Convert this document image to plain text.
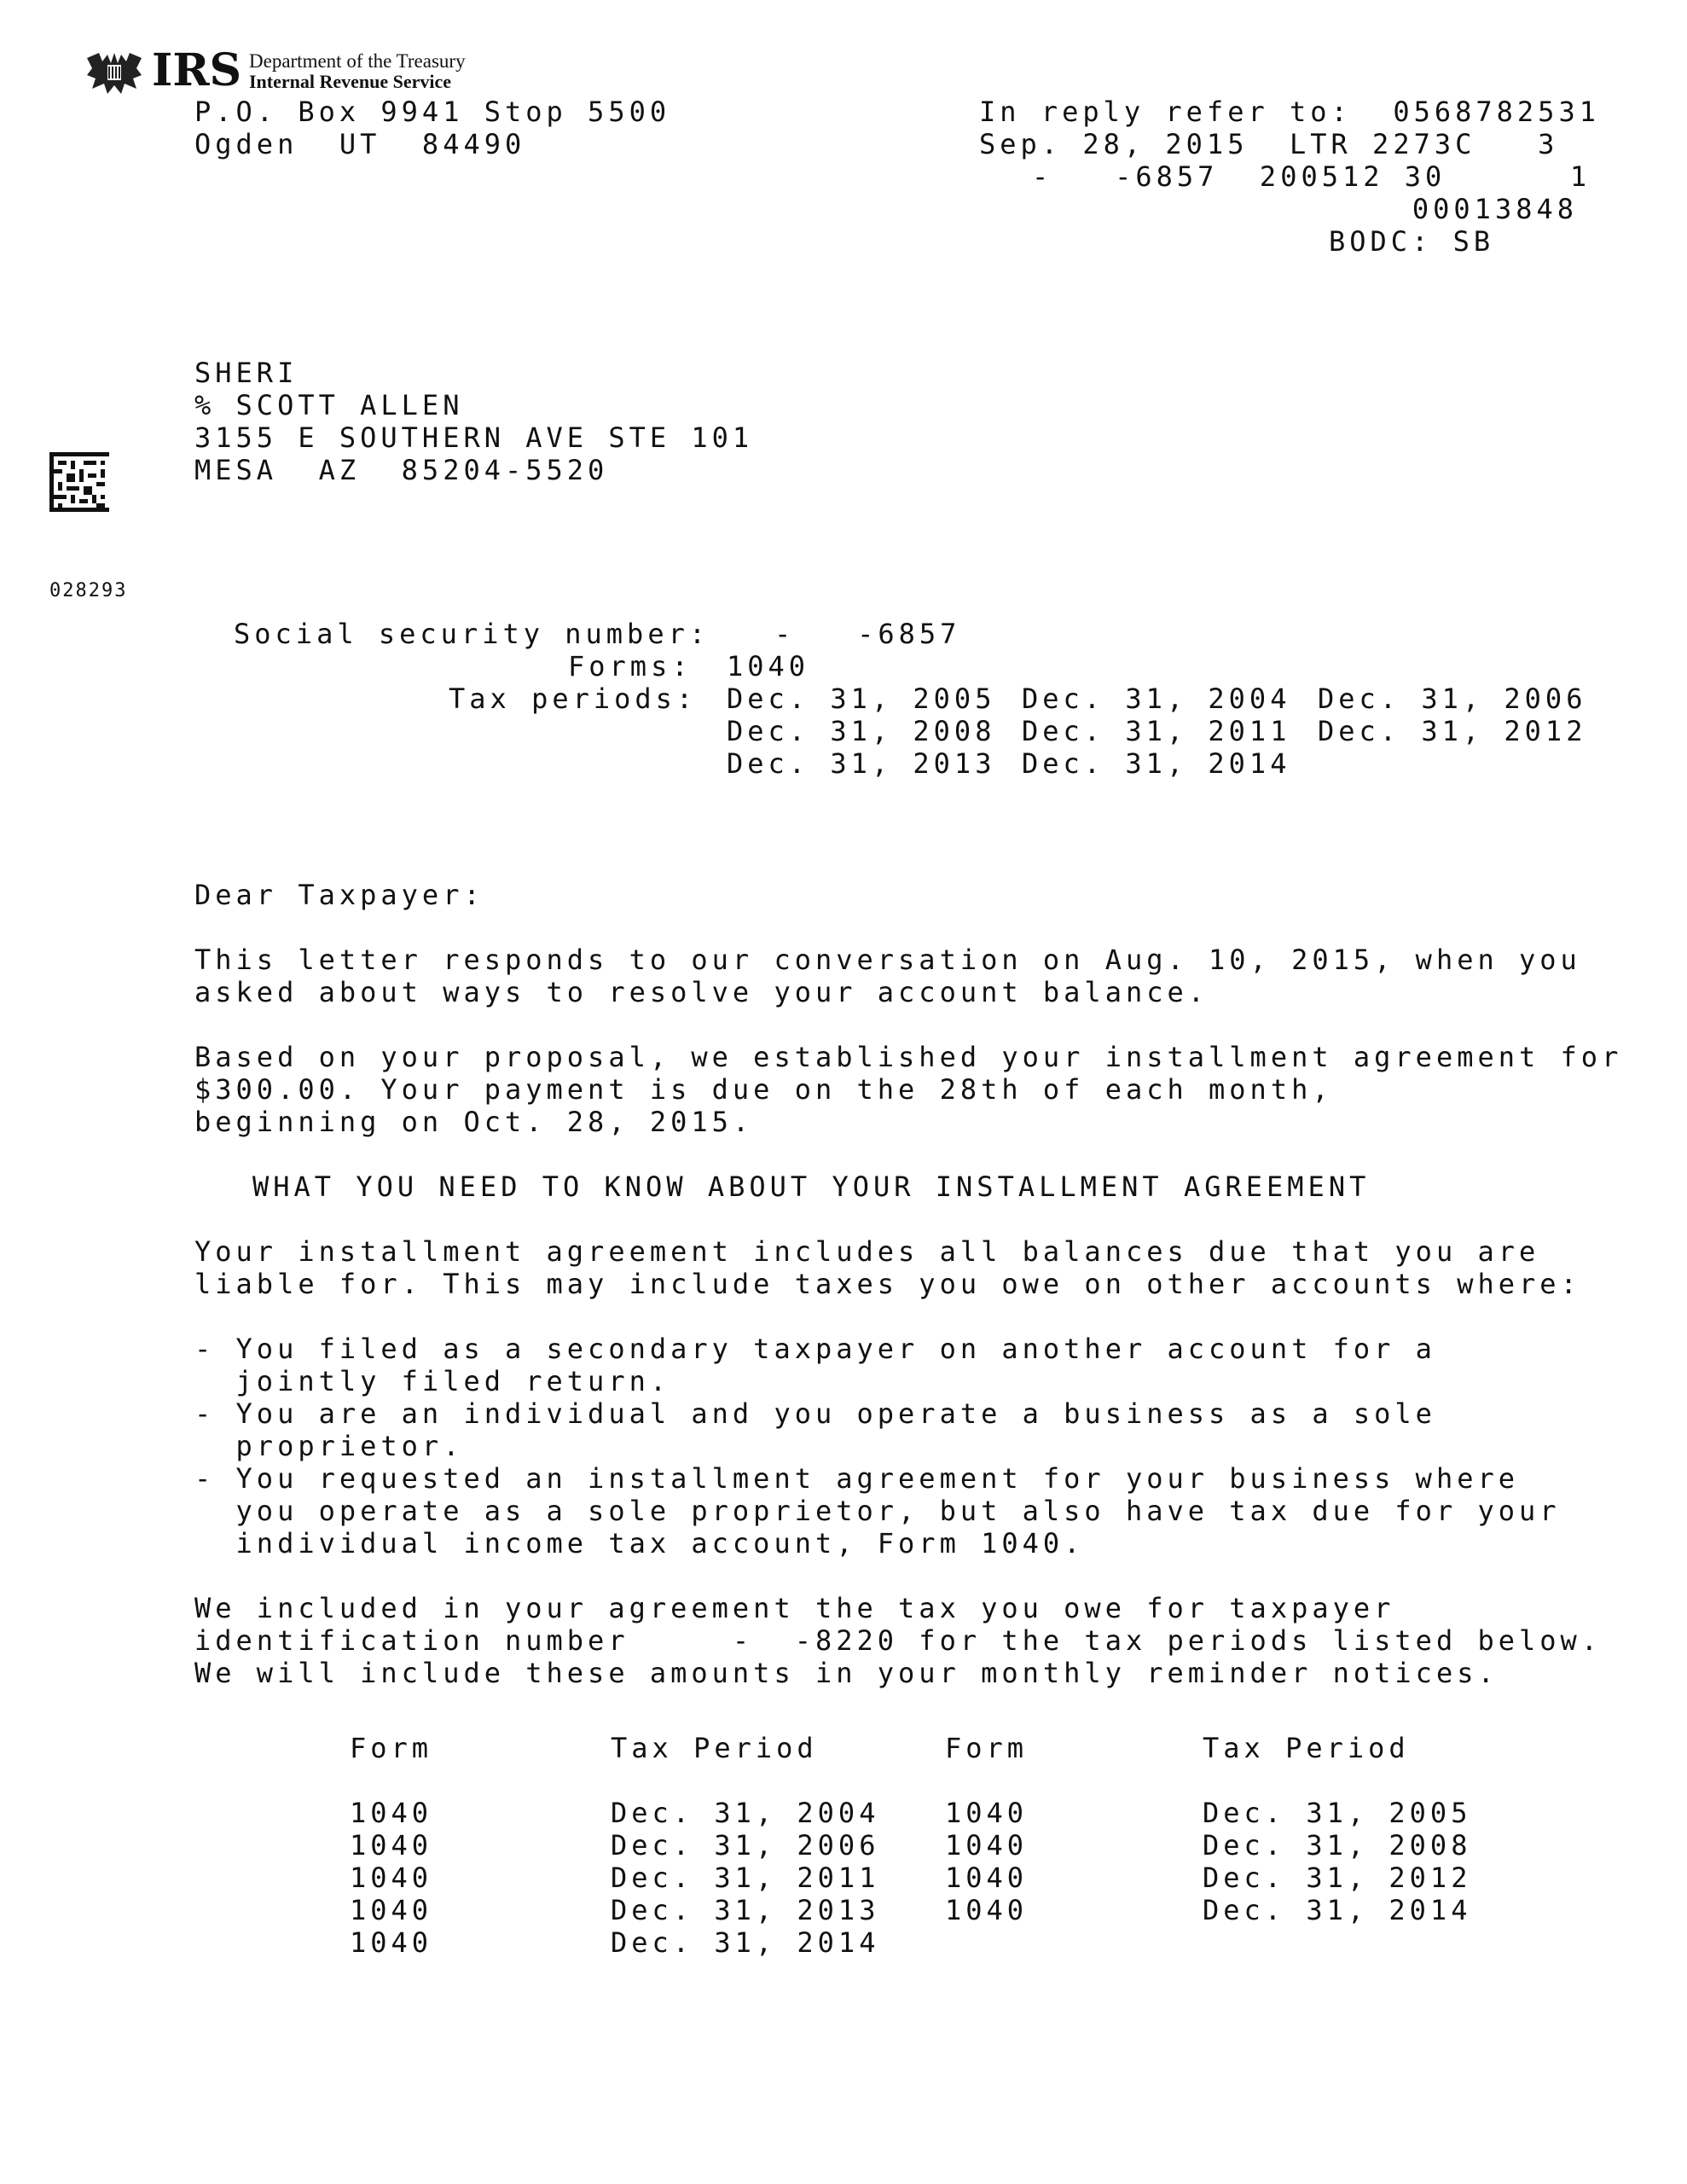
IRS Department of the Treasury
Internal Revenue Service
P.O. Box 9941 Stop 5500
Ogden  UT  84490
In reply refer to: 0568782531
Sep. 28, 2015 LTR 2273C 3
-   -6857 200512 30	1
00013848
BODC: SB
SHERI
% SCOTT ALLEN
3155 E SOUTHERN AVE STE 101
MESA  AZ  85204-5520
028293
Social security number: -   -6857
Forms: 1040
Tax periods: Dec. 31, 2005 Dec. 31, 2004 Dec. 31, 2006
Dec. 31, 2008 Dec. 31, 2011 Dec. 31, 2012
Dec. 31, 2013 Dec. 31, 2014
Dear Taxpayer:
This letter responds to our conversation on Aug. 10, 2015, when you
asked about ways to resolve your account balance.
Based on your proposal, we established your installment agreement for
$300.00. Your payment is due on the 28th of each month,
beginning on Oct. 28, 2015.
WHAT YOU NEED TO KNOW ABOUT YOUR INSTALLMENT AGREEMENT
Your installment agreement includes all balances due that you are
liable for. This may include taxes you owe on other accounts where:
- You filed as a secondary taxpayer on another account for a
jointly filed return.
- You are an individual and you operate a business as a sole
proprietor.
- You requested an installment agreement for your business where
you operate as a sole proprietor, but also have tax due for your
individual income tax account, Form 1040.
We included in your agreement the tax you owe for taxpayer
identification number     -  -8220 for the tax periods listed below.
We will include these amounts in your monthly reminder notices.
Form	Tax Period	Form	Tax Period
1040	Dec. 31, 2004	1040	Dec. 31, 2005
1040	Dec. 31, 2006	1040	Dec. 31, 2008
1040	Dec. 31, 2011	1040	Dec. 31, 2012
1040	Dec. 31, 2013	1040	Dec. 31, 2014
1040	Dec. 31, 2014		
